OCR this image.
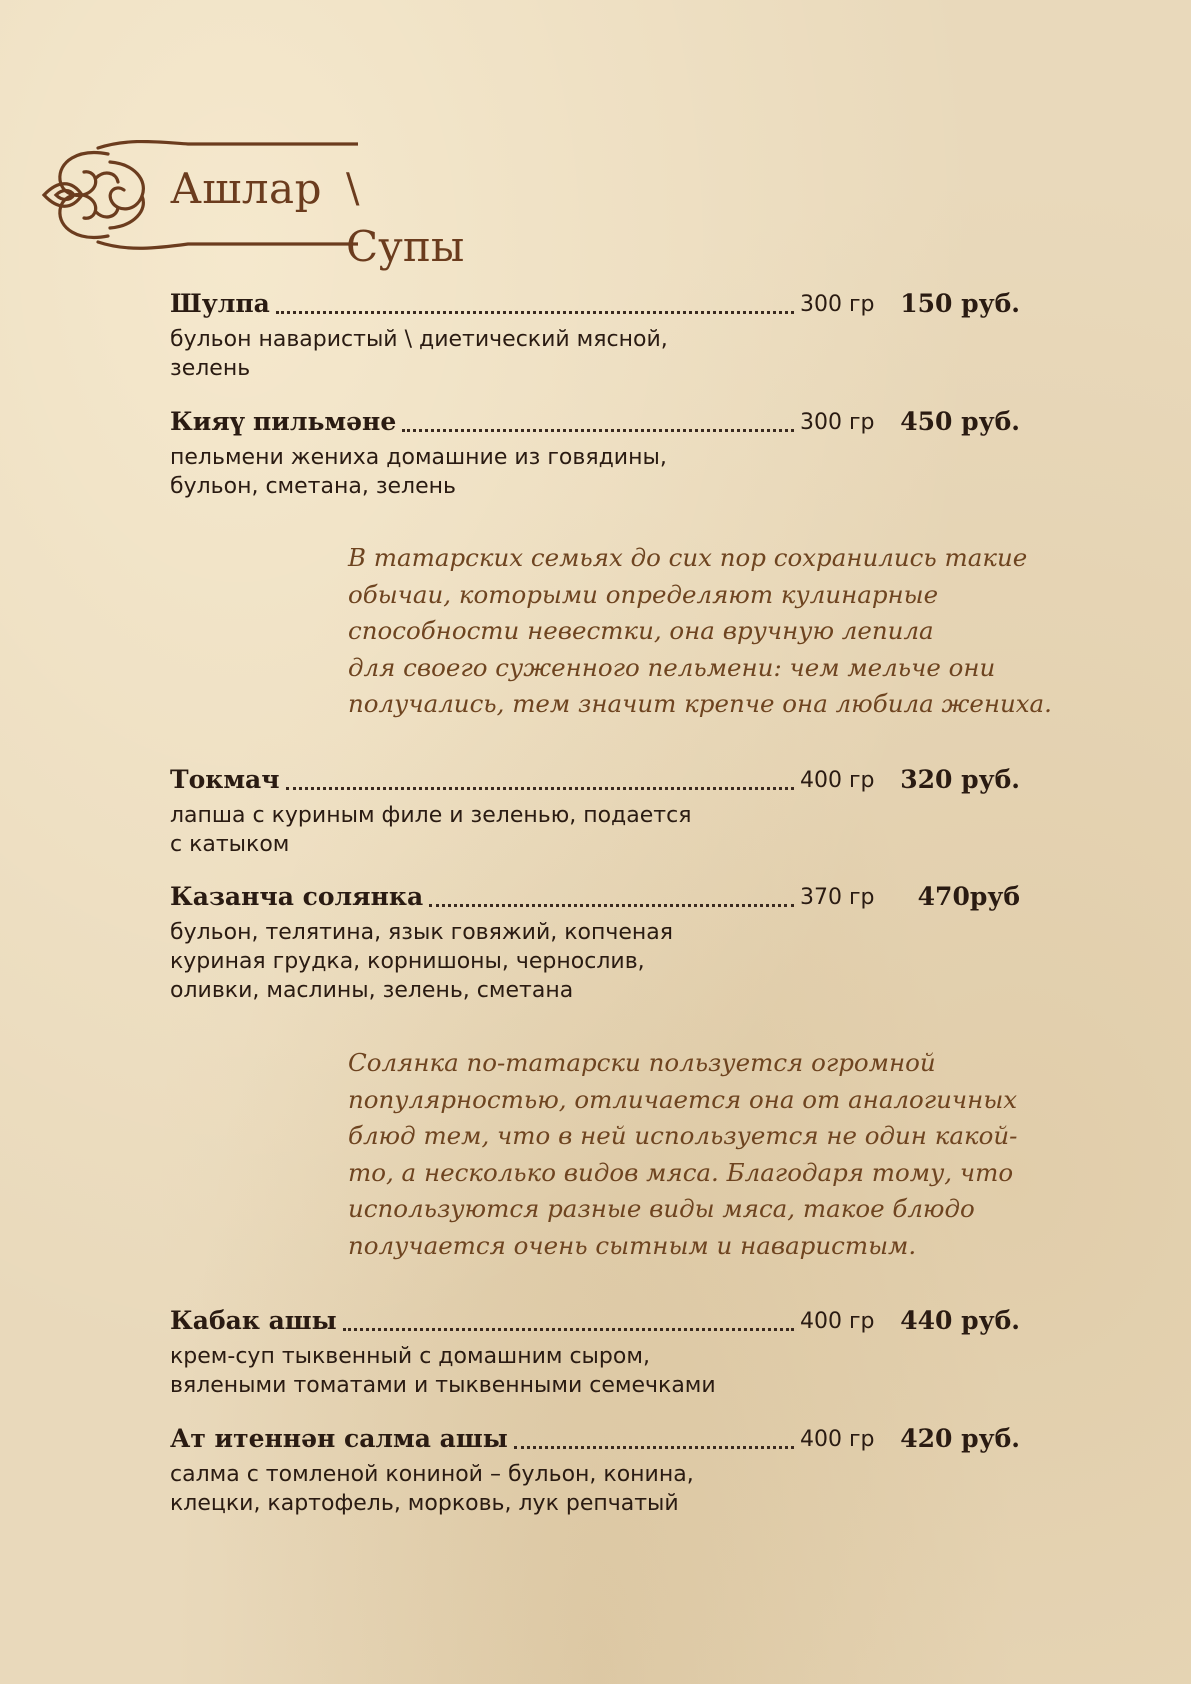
Ашлар \
Супы
Шулпа	300 гр	150 руб.
бульон наваристый \ диетический мясной,
зелень
Кияү пильмәне	300 гр	450 руб.
пельмени жениха домашние из говядины,
бульон, сметана, зелень
В татарских семьях до сих пор сохранились такие
обычаи, которыми определяют кулинарные
способности невестки, она вручную лепила
для своего суженного пельмени: чем мельче они
получались, тем значит крепче она любила жениха.
Токмач	400 гр	320 руб.
лапша с куриным филе и зеленью, подается
с катыком
Казанча солянка	370 гр	470руб
бульон, телятина, язык говяжий, копченая
куриная грудка, корнишоны, чернослив,
оливки, маслины, зелень, сметана
Солянка по-татарски пользуется огромной
популярностью, отличается она от аналогичных
блюд тем, что в ней используется не один какой-
то, а несколько видов мяса. Благодаря тому, что
используются разные виды мяса, такое блюдо
получается очень сытным и наваристым.
Кабак ашы	400 гр	440 руб.
крем-суп тыквенный с домашним сыром,
вялеными томатами и тыквенными семечками
Ат итеннән салма ашы	400 гр	420 руб.
салма с томленой кониной – бульон, конина,
клецки, картофель, морковь, лук репчатый
